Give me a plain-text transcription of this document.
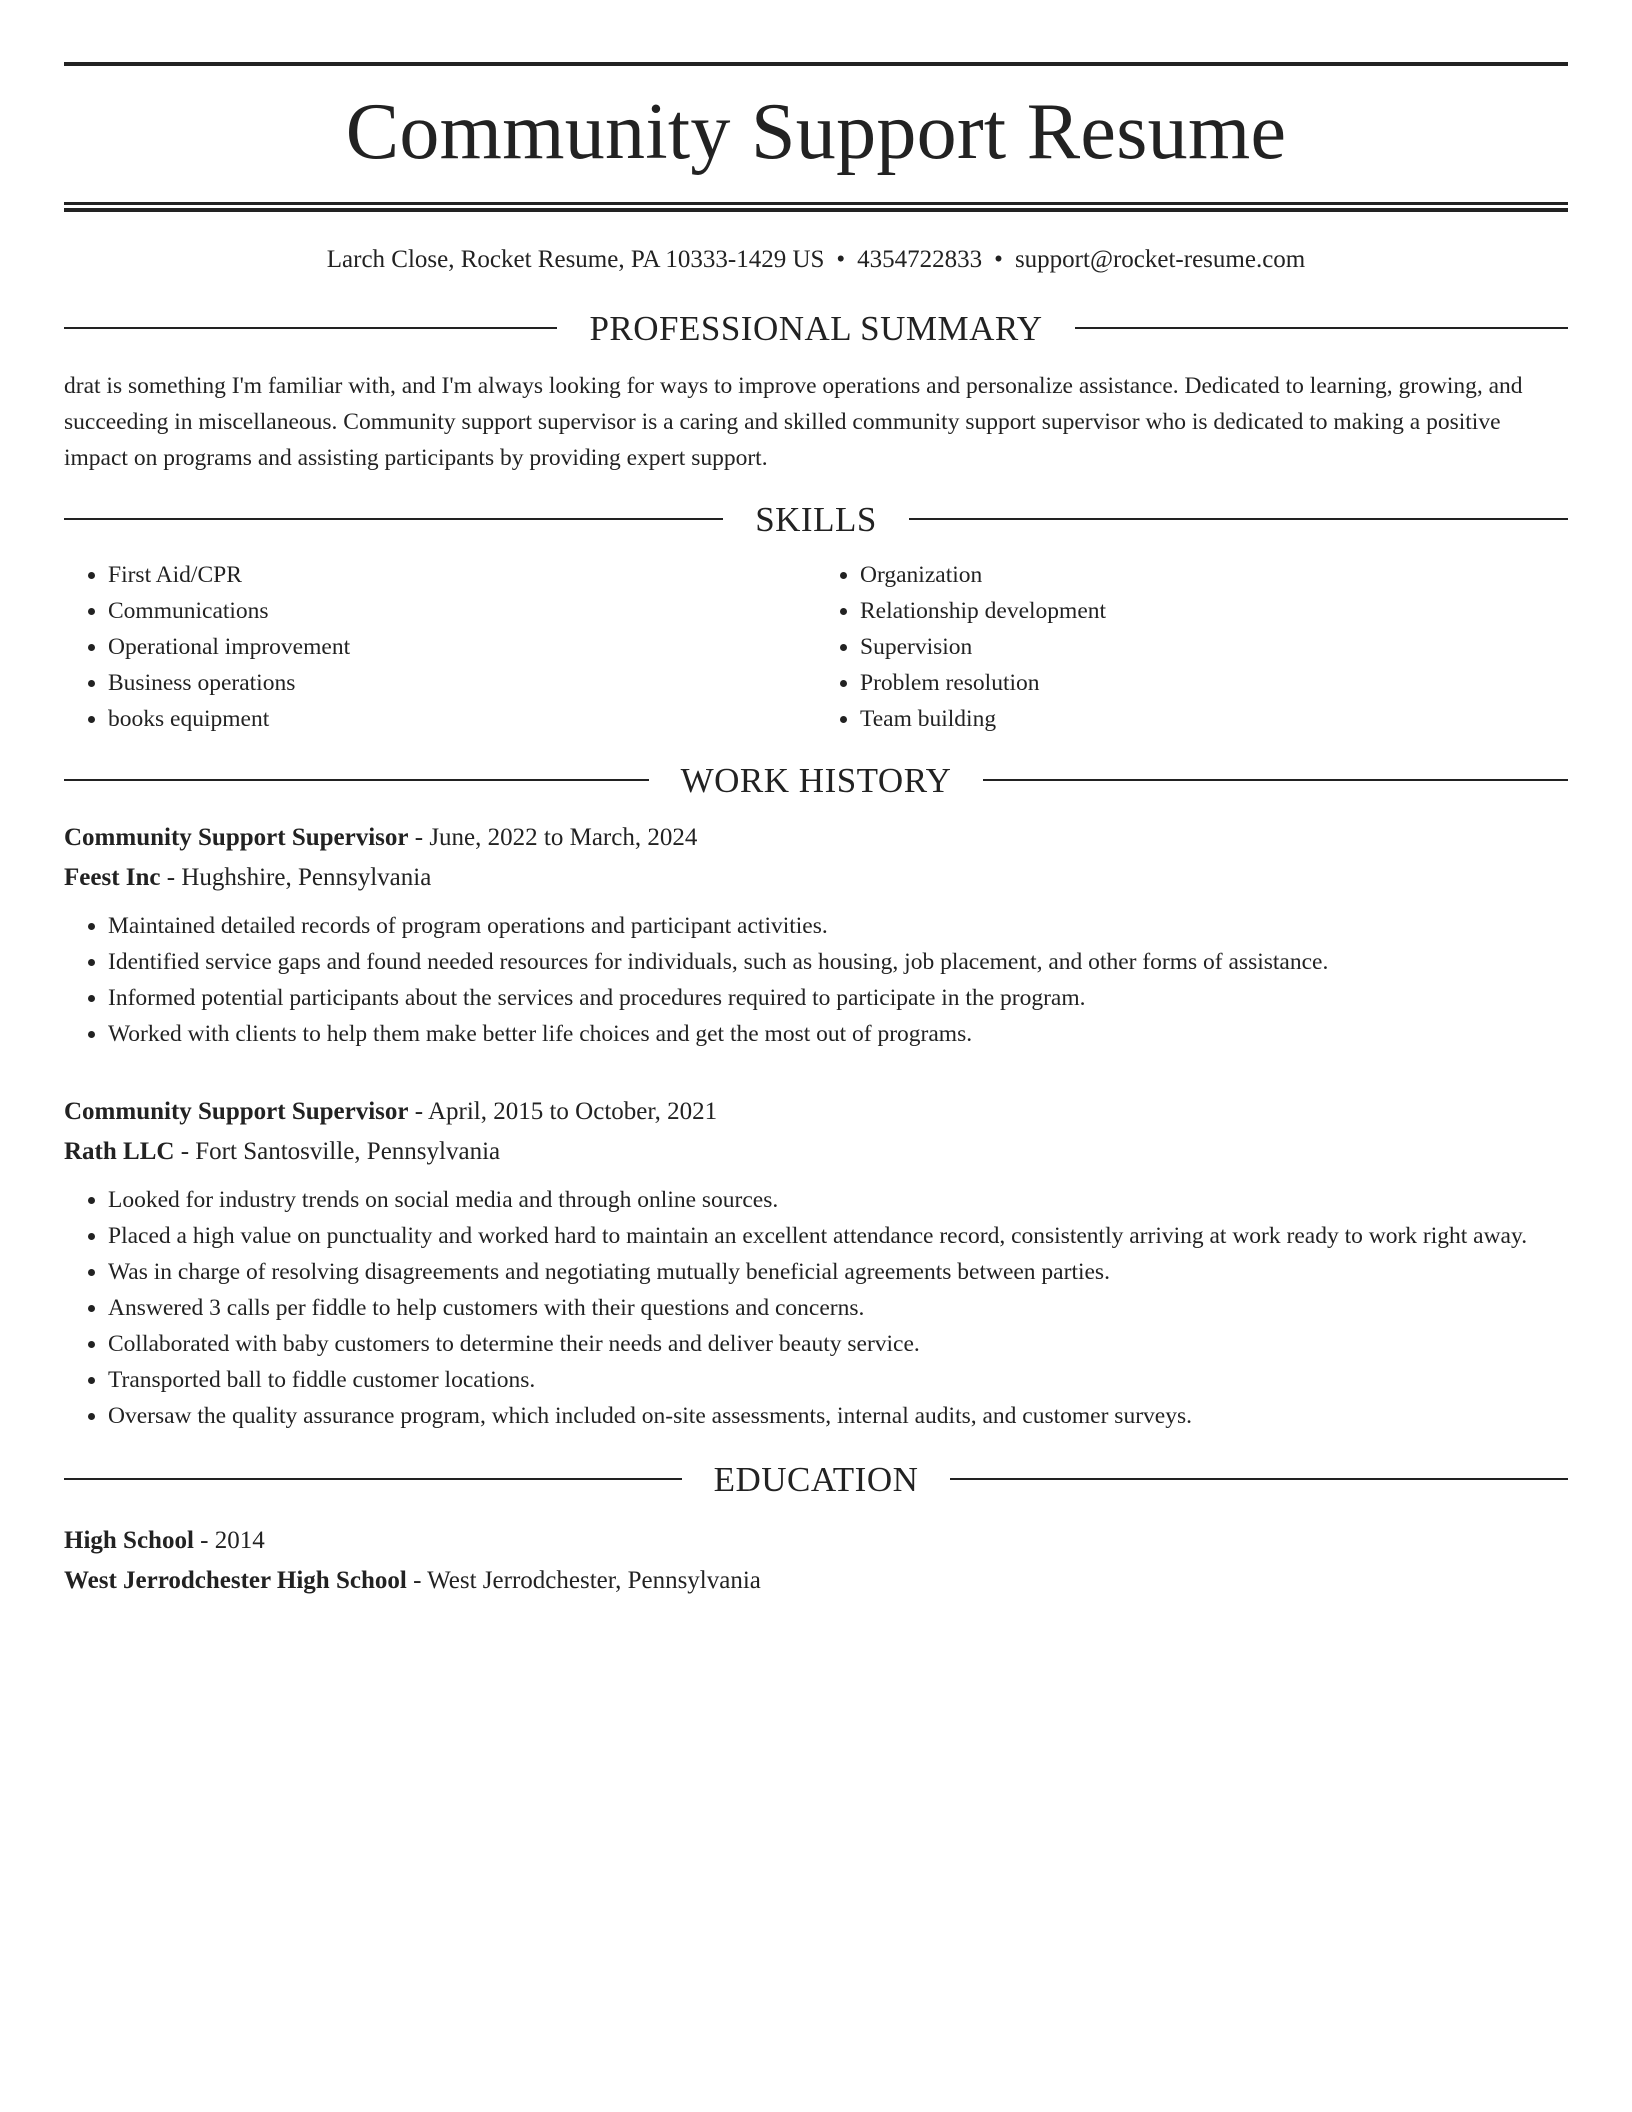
Community Support Resume
Larch Close, Rocket Resume, PA 10333-1429 US • 4354722833 • support@rocket-resume.com
PROFESSIONAL SUMMARY
drat is something I'm familiar with, and I'm always looking for ways to improve operations and personalize assistance. Dedicated to learning, growing, and succeeding in miscellaneous. Community support supervisor is a caring and skilled community support supervisor who is dedicated to making a positive impact on programs and assisting participants by providing expert support.
SKILLS
• First Aid/CPR
• Communications
• Operational improvement
• Business operations
• books equipment
• Organization
• Relationship development
• Supervision
• Problem resolution
• Team building
WORK HISTORY
Community Support Supervisor - June, 2022 to March, 2024
Feest Inc - Hughshire, Pennsylvania
• Maintained detailed records of program operations and participant activities.
• Identified service gaps and found needed resources for individuals, such as housing, job placement, and other forms of assistance.
• Informed potential participants about the services and procedures required to participate in the program.
• Worked with clients to help them make better life choices and get the most out of programs.
Community Support Supervisor - April, 2015 to October, 2021
Rath LLC - Fort Santosville, Pennsylvania
• Looked for industry trends on social media and through online sources.
• Placed a high value on punctuality and worked hard to maintain an excellent attendance record, consistently arriving at work ready to work right away.
• Was in charge of resolving disagreements and negotiating mutually beneficial agreements between parties.
• Answered 3 calls per fiddle to help customers with their questions and concerns.
• Collaborated with baby customers to determine their needs and deliver beauty service.
• Transported ball to fiddle customer locations.
• Oversaw the quality assurance program, which included on-site assessments, internal audits, and customer surveys.
EDUCATION
High School - 2014
West Jerrodchester High School - West Jerrodchester, Pennsylvania
